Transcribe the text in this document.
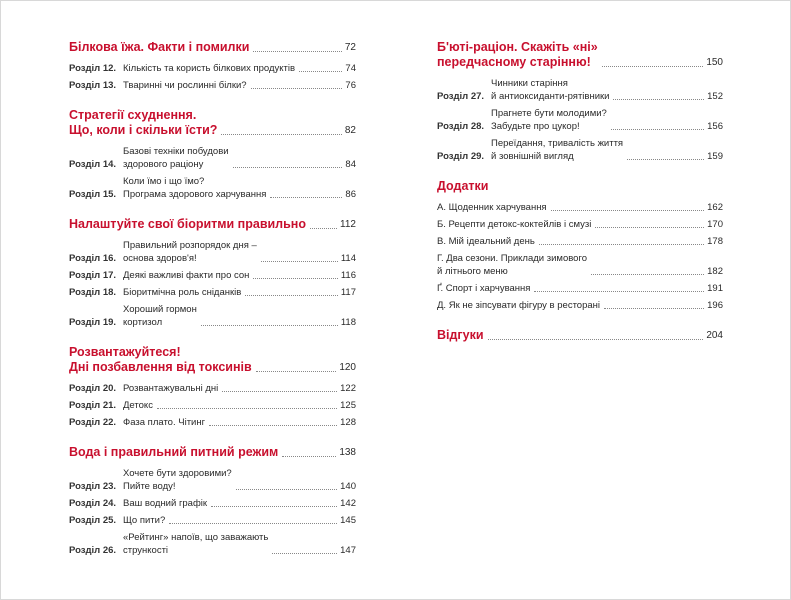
Білкова їжа. Факти і помилки	72
Розділ 12. Кількість та користь білкових продуктів	74
Розділ 13. Тваринні чи рослинні білки?	76
Стратегії схуднення.
Що, коли і скільки їсти?	82
Розділ 14.
Базові техніки побудови
здорового раціону	84
Розділ 15.
Коли їмо і що їмо?
Програма здорового харчування	86
Налаштуйте свої біоритми правильно	112
Розділ 16.
Правильний розпорядок дня –
основа здоров'я!	114
Розділ 17. Деякі важливі факти про сон	116
Розділ 18. Біоритмічна роль сніданків	117
Розділ 19.
Хороший гормон
кортизол	118
Розвантажуйтеся!
Дні позбавлення від токсинів	120
Розділ 20. Розвантажувальні дні	122
Розділ 21. Детокс	125
Розділ 22. Фаза плато. Чітинг	128
Вода і правильний питний режим	138
Розділ 23.
Хочете бути здоровими?
Пийте воду!	140
Розділ 24. Ваш водний графік	142
Розділ 25. Що пити?	145
Розділ 26.
«Рейтинг» напоїв, що заважають
стрункості	147
Б'юті-раціон. Скажіть «ні»
передчасному старінню!	150
Розділ 27.
Чинники старіння
й антиоксиданти-рятівники	152
Розділ 28.
Прагнете бути молодими?
Забудьте про цукор!	156
Розділ 29.
Переїдання, тривалість життя
й зовнішній вигляд	159
Додатки
А. Щоденник харчування	162
Б. Рецепти детокс-коктейлів і смузі	170
В. Мій ідеальний день	178
Г. Два сезони. Приклади зимового
й літнього меню	182
Ґ. Спорт і харчування	191
Д. Як не зіпсувати фігуру в ресторані	196
Відгуки	204
